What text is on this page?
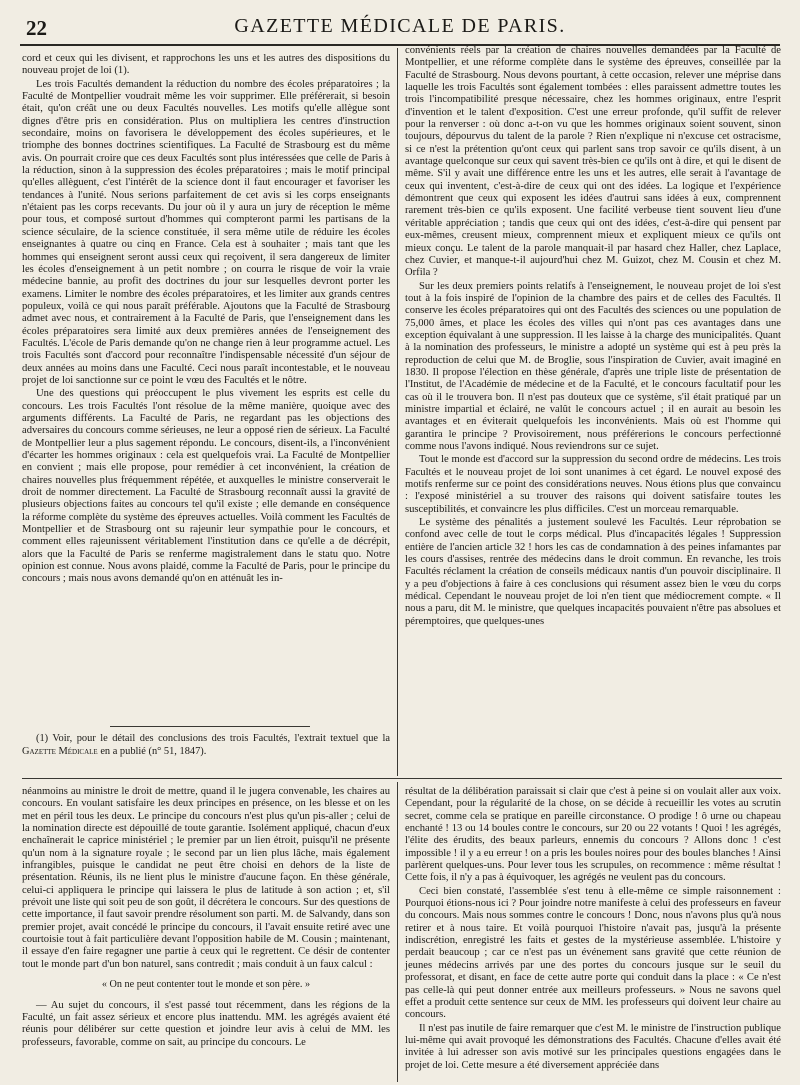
22	GAZETTE MÉDICALE DE PARIS.

cord et ceux qui les divisent, et rapprochons les uns et les autres des dispositions du nouveau projet de loi (1).

Les trois Facultés demandent la réduction du nombre des écoles préparatoires ; la Faculté de Montpellier voudrait même les voir supprimer. Elle préférerait, si besoin était, qu'on créât une ou deux Facultés nouvelles. Les motifs qu'elle allègue sont dignes d'être pris en considération. Plus on multipliera les centres d'instruction secondaire, moins on favorisera le développement des écoles supérieures, et le triomphe des bonnes doctrines scientifiques. La Faculté de Strasbourg est du même avis. On pourrait croire que ces deux Facultés sont plus intéressées que celle de Paris à la réduction, sinon à la suppression des écoles préparatoires ; mais le motif principal qu'elles allèguent, c'est l'intérêt de la science dont il faut encourager et favoriser les tendances à l'unité. Nous serions parfaitement de cet avis si les corps enseignants n'étaient pas les corps recevants. Du jour où il y aura un jury de réception le même pour tous, et composé surtout d'hommes qui compteront parmi les partisans de la science séculaire, de la science constituée, il sera même utile de réduire les écoles enseignantes à quatre ou cinq en France. Cela est à souhaiter ; mais tant que les hommes qui enseignent seront aussi ceux qui reçoivent, il sera dangereux de limiter les écoles d'enseignement à un petit nombre ; on courra le risque de voir la vraie médecine bannie, au profit des doctrines du jour sur lesquelles devront porter les examens. Limiter le nombre des écoles préparatoires, et les limiter aux grands centres populeux, voilà ce qui nous paraît préférable. Ajoutons que la Faculté de Strasbourg admet avec nous, et contrairement à la Faculté de Paris, que l'enseignement dans les écoles préparatoires sera limité aux deux premières années de l'enseignement des Facultés. L'école de Paris demande qu'on ne change rien à leur programme actuel. Les trois Facultés sont d'accord pour reconnaître l'indispensable nécessité d'un séjour de deux années au moins dans une Faculté. Ceci nous paraît incontestable, et le nouveau projet de loi sanctionne sur ce point le vœu des Facultés et le nôtre.

Une des questions qui préoccupent le plus vivement les esprits est celle du concours. Les trois Facultés l'ont résolue de la même manière, quoique avec des arguments différents. La Faculté de Paris, ne regardant pas les objections des adversaires du concours comme sérieuses, ne leur a opposé rien de sérieux. La Faculté de Montpellier leur a plus sagement répondu. Le concours, disent-ils, a l'inconvénient d'écarter les hommes originaux : cela est quelquefois vrai. La Faculté de Montpellier en convient ; mais elle propose, pour remédier à cet inconvénient, la création de chaires nouvelles plus fréquemment répétée, et auxquelles le ministre conserverait le droit de nommer directement. La Faculté de Strasbourg reconnaît aussi la gravité de plusieurs objections faites au concours tel qu'il existe ; elle demande en conséquence la réforme complète du système des épreuves actuelles. Voilà comment les Facultés de Montpellier et de Strasbourg ont su rajeunir leur sympathie pour le concours, et comment elles rajeunissent véritablement l'institution dans ce qu'elle a de décrépit, alors que la Faculté de Paris se renferme magistralement dans le statu quo. Notre opinion est connue. Nous avons plaidé, comme la Faculté de Paris, pour le principe du concours ; mais nous avons demandé qu'on en atténuât les in-

(1) Voir, pour le détail des conclusions des trois Facultés, l'extrait textuel que la Gazette Médicale en a publié (n° 51, 1847).

convénients réels par la création de chaires nouvelles demandées par la Faculté de Montpellier, et une réforme complète dans le système des épreuves, conseillée par la Faculté de Strasbourg. Nous devons pourtant, à cette occasion, relever une méprise dans laquelle les trois Facultés sont également tombées : elles paraissent admettre toutes les trois l'incompatibilité presque nécessaire, chez les hommes originaux, entre l'esprit d'invention et le talent d'exposition. C'est une erreur profonde, qu'il suffit de relever pour la renverser : où donc a-t-on vu que les hommes originaux soient souvent, sinon toujours, dépourvus du talent de la parole ? Rien n'explique ni n'excuse cet ostracisme, si ce n'est la prétention qu'ont ceux qui parlent sans trop savoir ce qu'ils disent, à un avantage quelconque sur ceux qui savent très-bien ce qu'ils ont à dire, et qui le disent de même. S'il y avait une différence entre les uns et les autres, elle serait à l'avantage de ceux qui inventent, c'est-à-dire de ceux qui ont des idées. La logique et l'expérience démontrent que ceux qui exposent les idées d'autrui sans idées à eux, comprennent rarement très-bien ce qu'ils exposent. Une facilité verbeuse tient souvent lieu d'une véritable appréciation ; tandis que ceux qui ont des idées, c'est-à-dire qui pensent par eux-mêmes, creusent mieux, comprennent mieux et expliquent mieux ce qu'ils ont mieux conçu. Le talent de la parole manquait-il par hasard chez Haller, chez Laplace, chez Cuvier, et manque-t-il aujourd'hui chez M. Guizot, chez M. Cousin et chez M. Orfila ?

Sur les deux premiers points relatifs à l'enseignement, le nouveau projet de loi s'est tout à la fois inspiré de l'opinion de la chambre des pairs et de celles des Facultés. Il conserve les écoles préparatoires qui ont des Facultés des sciences ou une population de 75,000 âmes, et place les écoles des villes qui n'ont pas ces avantages dans une exception équivalant à une suppression. Il les laisse à la charge des municipalités. Quant à la nomination des professeurs, le ministre a adopté un système qui est à peu près la reproduction de celui que M. de Broglie, sous l'inspiration de Cuvier, avait imaginé en 1830. Il propose l'élection en thèse générale, d'après une triple liste de présentation de l'Institut, de l'Académie de médecine et de la Faculté, et le concours facultatif pour les cas où il le trouvera bon. Il n'est pas douteux que ce système, s'il était pratiqué par un ministre impartial et éclairé, ne valût le concours actuel ; il en aurait au besoin les avantages et en éviterait quelquefois les inconvénients. Mais où est l'homme qui garantira le principe ? Provisoirement, nous préférerions le concours perfectionné comme nous l'avons indiqué. Nous reviendrons sur ce sujet.

Tout le monde est d'accord sur la suppression du second ordre de médecins. Les trois Facultés et le nouveau projet de loi sont unanimes à cet égard. Le nouvel exposé des motifs renferme sur ce point des considérations neuves. Nous étions plus que convaincu : l'exposé ministériel a su trouver des raisons qui doivent satisfaire toutes les susceptibilités, et convaincre les plus difficiles. C'est un morceau remarquable.

Le système des pénalités a justement soulevé les Facultés. Leur réprobation se confond avec celle de tout le corps médical. Plus d'incapacités légales ! Suppression entière de l'ancien article 32 ! hors les cas de condamnation à des peines infamantes par les cours d'assises, rentrée des médecins dans le droit commun. En revanche, les trois Facultés réclament la création de conseils médicaux nantis d'un pouvoir disciplinaire. Il y a peu d'objections à faire à ces conclusions qui résument assez bien le vœu du corps médical. Cependant le nouveau projet de loi n'en tient que médiocrement compte. « Il nous a paru, dit M. le ministre, que quelques incapacités pouvaient n'être pas absolues et péremptoires, que quelques-unes

néanmoins au ministre le droit de mettre, quand il le jugera convenable, les chaires au concours. En voulant satisfaire les deux principes en présence, on les blesse et on les met en péril tous les deux. Le principe du concours n'est plus qu'un pis-aller ; celui de la nomination directe est dépouillé de toute garantie. Isolément appliqué, chacun d'eux enchaînerait le caprice ministériel ; le premier par un lien étroit, puisqu'il ne présente qu'un nom à la signature royale ; le second par un lien plus lâche, mais également infrangibles, puisque le candidat ne peut être choisi en dehors de la liste de présentation. Réunis, ils ne lient plus le ministre d'aucune façon. En thèse générale, celui-ci appliquera le principe qui laissera le plus de latitude à son action ; et, s'il prévoit une liste qui soit peu de son goût, il décrétera le concours. Sur des questions de cette importance, il faut savoir prendre résolument son parti. M. de Salvandy, dans son premier projet, avait concédé le principe du concours, il l'avait ensuite retiré avec une courtoisie tout à fait particulière devant l'opposition habile de M. Cousin ; maintenant, il essaye d'en faire regagner une partie à ceux qui le regrettent. Ce désir de contenter tout le monde part d'un bon naturel, sans contredit ; mais conduit à un faux calcul :

« On ne peut contenter tout le monde et son père. »

— Au sujet du concours, il s'est passé tout récemment, dans les régions de la Faculté, un fait assez sérieux et encore plus inattendu. MM. les agrégés avaient été réunis pour délibérer sur cette question et joindre leur avis à celui de MM. les professeurs, favorable, comme on sait, au principe du concours. Le

résultat de la délibération paraissait si clair que c'est à peine si on voulait aller aux voix. Cependant, pour la régularité de la chose, on se décide à recueillir les votes au scrutin secret, comme cela se pratique en pareille circonstance. O prodige ! ô urne ou chapeau enchanté ! 13 ou 14 boules contre le concours, sur 20 ou 22 votants ! Quoi ! les agrégés, l'élite des érudits, des beaux parleurs, ennemis du concours ? Allons donc ! c'est impossible ! il y a eu erreur ! on a pris les boules noires pour des boules blanches ! Ainsi parlèrent quelques-uns. Pour lever tous les scrupules, on recommence : même résultat ! Cette fois, il n'y a pas à équivoquer, les agrégés ne veulent pas du concours.

Ceci bien constaté, l'assemblée s'est tenu à elle-même ce simple raisonnement : Pourquoi étions-nous ici ? Pour joindre notre manifeste à celui des professeurs en faveur du concours. Mais nous sommes contre le concours ! Donc, nous n'avons plus qu'à nous retirer et à nous taire. Et voilà pourquoi l'histoire n'avait pas, jusqu'à la présente indiscrétion, enregistré les faits et gestes de la mystérieuse assemblée. L'histoire y perdait beaucoup ; car ce n'est pas un événement sans gravité que cette réunion de jeunes médecins arrivés par une des portes du concours jusque sur le seuil du professorat, et disant, en face de cette autre porte qui conduit dans la place : « Ce n'est pas celle-là qui peut donner entrée aux meilleurs professeurs. » Nous ne savons quel effet a produit cette sentence sur ceux de MM. les professeurs qui doivent leur chaire au concours.

Il n'est pas inutile de faire remarquer que c'est M. le ministre de l'instruction publique lui-même qui avait provoqué les démonstrations des Facultés. Chacune d'elles avait été invitée à lui adresser son avis motivé sur les principales questions engagées dans le projet de loi. Cette mesure a été diversement appréciée dans
